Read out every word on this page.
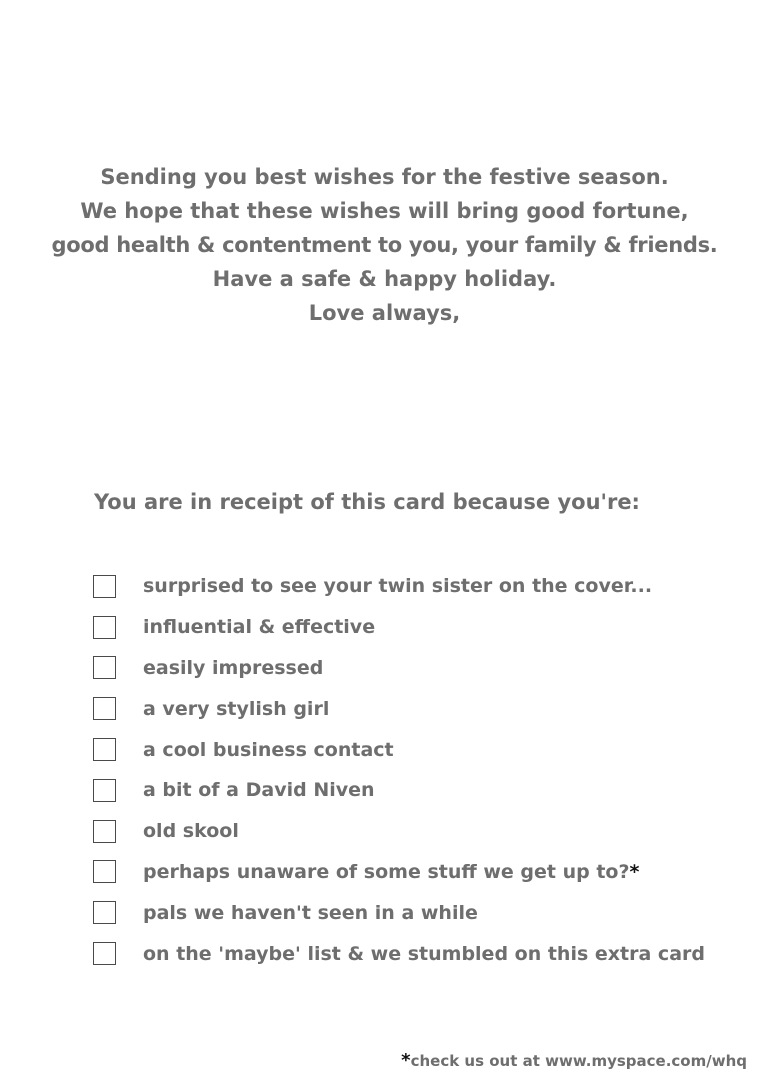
Sending you best wishes for the festive season.
We hope that these wishes will bring good fortune,
good health & contentment to you, your family & friends.
Have a safe & happy holiday.
Love always,
You are in receipt of this card because you're:
surprised to see your twin sister on the cover...
influential & effective
easily impressed
a very stylish girl
a cool business contact
a bit of a David Niven
old skool
perhaps unaware of some stuff we get up to?*
pals we haven't seen in a while
on the 'maybe' list & we stumbled on this extra card
*check us out at www.myspace.com/whq
